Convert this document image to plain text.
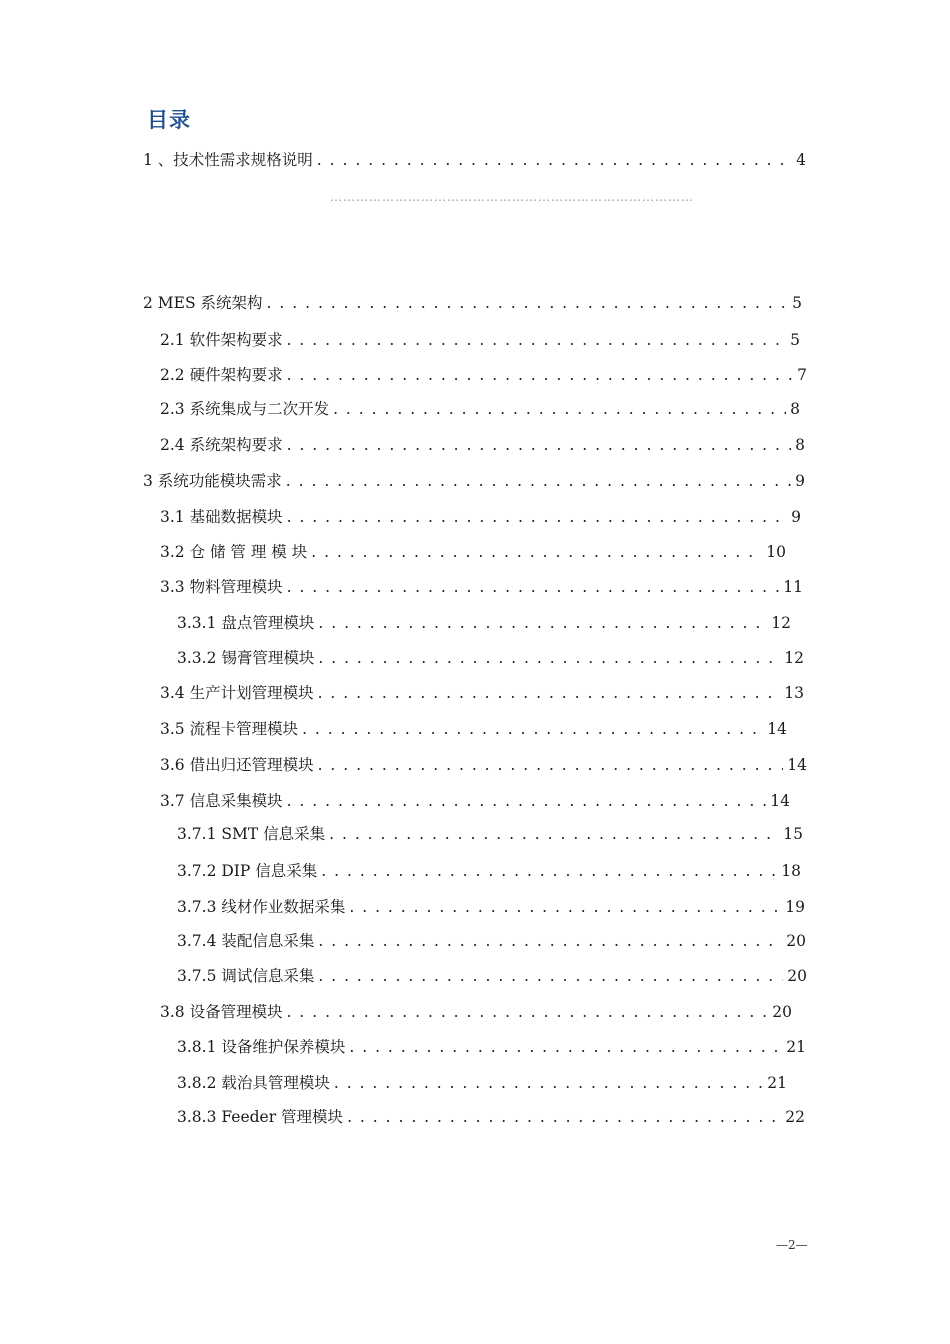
目录
1 、技术性需求规格说明 . . .	4
…………………………………………………………………………
2 MES 系统架构 . . .	5
2.1 软件架构要求 . . .	5
2.2 硬件架构要求 . . .	7
2.3 系统集成与二次开发 . . .	8
2.4 系统架构要求 . . .	8
3 系统功能模块需求 . . .	9
3.1 基础数据模块 . . .	9
3.2 仓 储 管 理 模 块 . . .	10
3.3 物料管理模块 . . .	11
3.3.1 盘点管理模块 . . .	12
3.3.2 锡膏管理模块 . . .	12
3.4 生产计划管理模块 . . .	13
3.5 流程卡管理模块 . . .	14
3.6 借出归还管理模块 . . .	14
3.7 信息采集模块 . . .	14
3.7.1 SMT 信息采集 . . .	15
3.7.2 DIP 信息采集 . . .	18
3.7.3 线材作业数据采集 . . .	19
3.7.4 装配信息采集 . . .	20
3.7.5 调试信息采集 . . .	20
3.8 设备管理模块 . . .	20
3.8.1 设备维护保养模块 . . .	21
3.8.2 载治具管理模块 . . .	21
3.8.3 Feeder 管理模块 . . .	22
—2—
